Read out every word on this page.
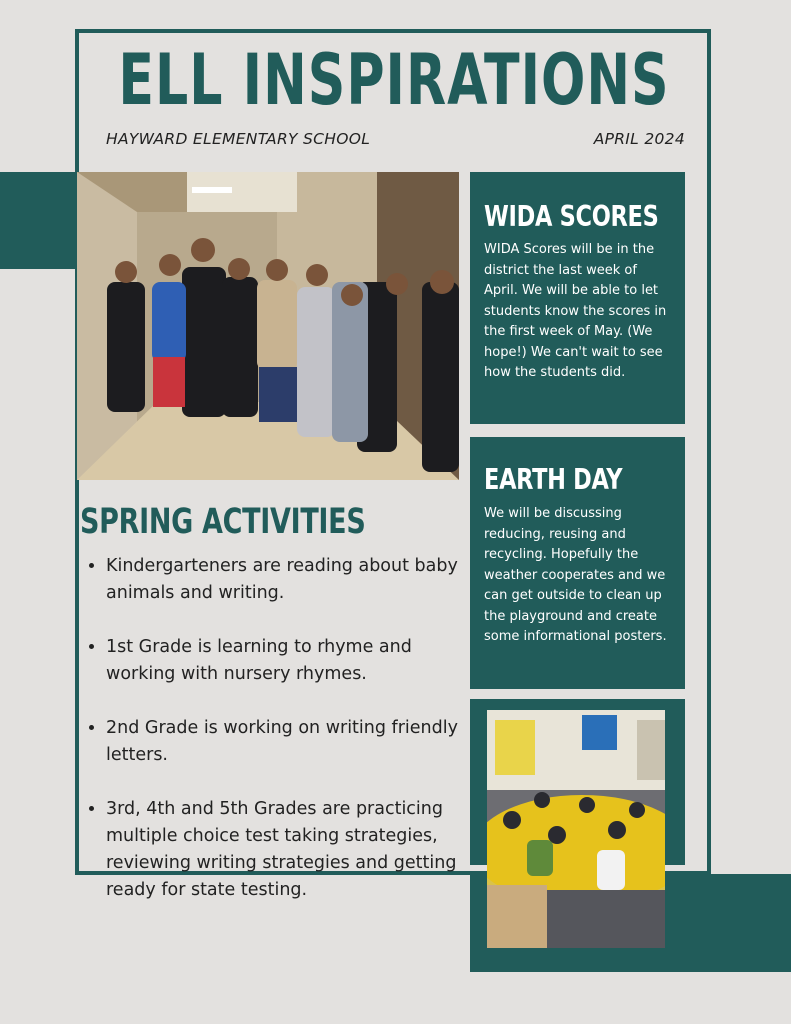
ELL INSPIRATIONS
HAYWARD ELEMENTARY SCHOOL	APRIL 2024
WIDA SCORES

WIDA Scores will be in the district the last week of April. We will be able to let students know the scores in the first week of May. (We hope!) We can't wait to see how the students did.

EARTH DAY

We will be discussing reducing, reusing and recycling. Hopefully the weather cooperates and we can get outside to clean up the playground and create some informational posters.

SPRING ACTIVITIES
• Kindergarteners are reading about baby animals and writing.
• 1st Grade is learning to rhyme and working with nursery rhymes.
• 2nd Grade is working on writing friendly letters.
• 3rd, 4th and 5th Grades are practicing multiple choice test taking strategies, reviewing writing strategies and getting ready for state testing.
